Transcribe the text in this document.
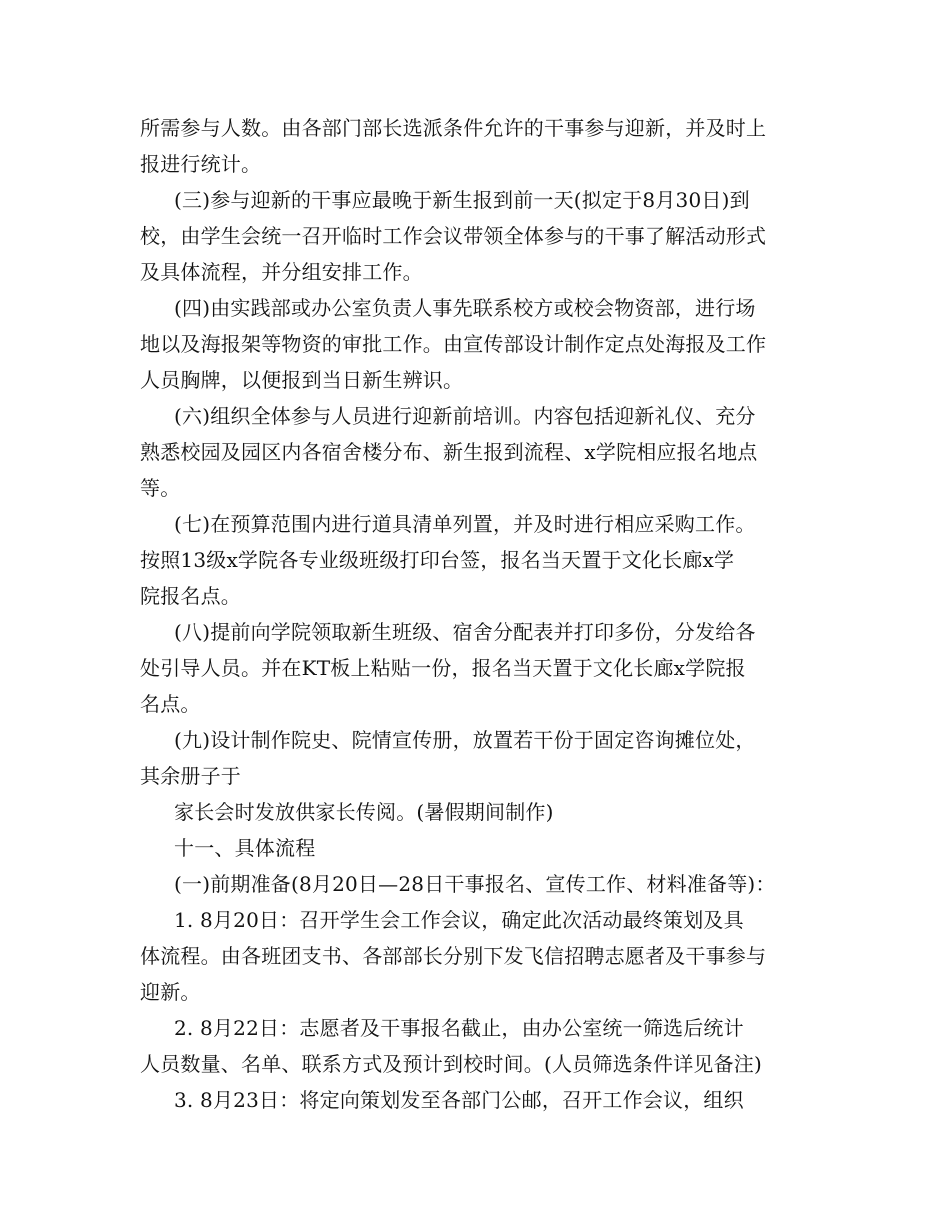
所需参与人数。由各部门部长选派条件允许的干事参与迎新，并及时上
报进行统计。
(三)参与迎新的干事应最晚于新生报到前一天(拟定于8月30日)到
校，由学生会统一召开临时工作会议带领全体参与的干事了解活动形式
及具体流程，并分组安排工作。
(四)由实践部或办公室负责人事先联系校方或校会物资部，进行场
地以及海报架等物资的审批工作。由宣传部设计制作定点处海报及工作
人员胸牌，以便报到当日新生辨识。
(六)组织全体参与人员进行迎新前培训。内容包括迎新礼仪、充分
熟悉校园及园区内各宿舍楼分布、新生报到流程、x学院相应报名地点
等。
(七)在预算范围内进行道具清单列置，并及时进行相应采购工作。
按照13级x学院各专业级班级打印台签，报名当天置于文化长廊x学
院报名点。
(八)提前向学院领取新生班级、宿舍分配表并打印多份，分发给各
处引导人员。并在KT板上粘贴一份，报名当天置于文化长廊x学院报
名点。
(九)设计制作院史、院情宣传册，放置若干份于固定咨询摊位处，
其余册子于
家长会时发放供家长传阅。(暑假期间制作)
十一、具体流程
(一)前期准备(8月20日—28日干事报名、宣传工作、材料准备等)：
1. 8月20日：召开学生会工作会议，确定此次活动最终策划及具
体流程。由各班团支书、各部部长分别下发飞信招聘志愿者及干事参与
迎新。
2. 8月22日：志愿者及干事报名截止，由办公室统一筛选后统计
人员数量、名单、联系方式及预计到校时间。(人员筛选条件详见备注)
3. 8月23日：将定向策划发至各部门公邮，召开工作会议，组织
